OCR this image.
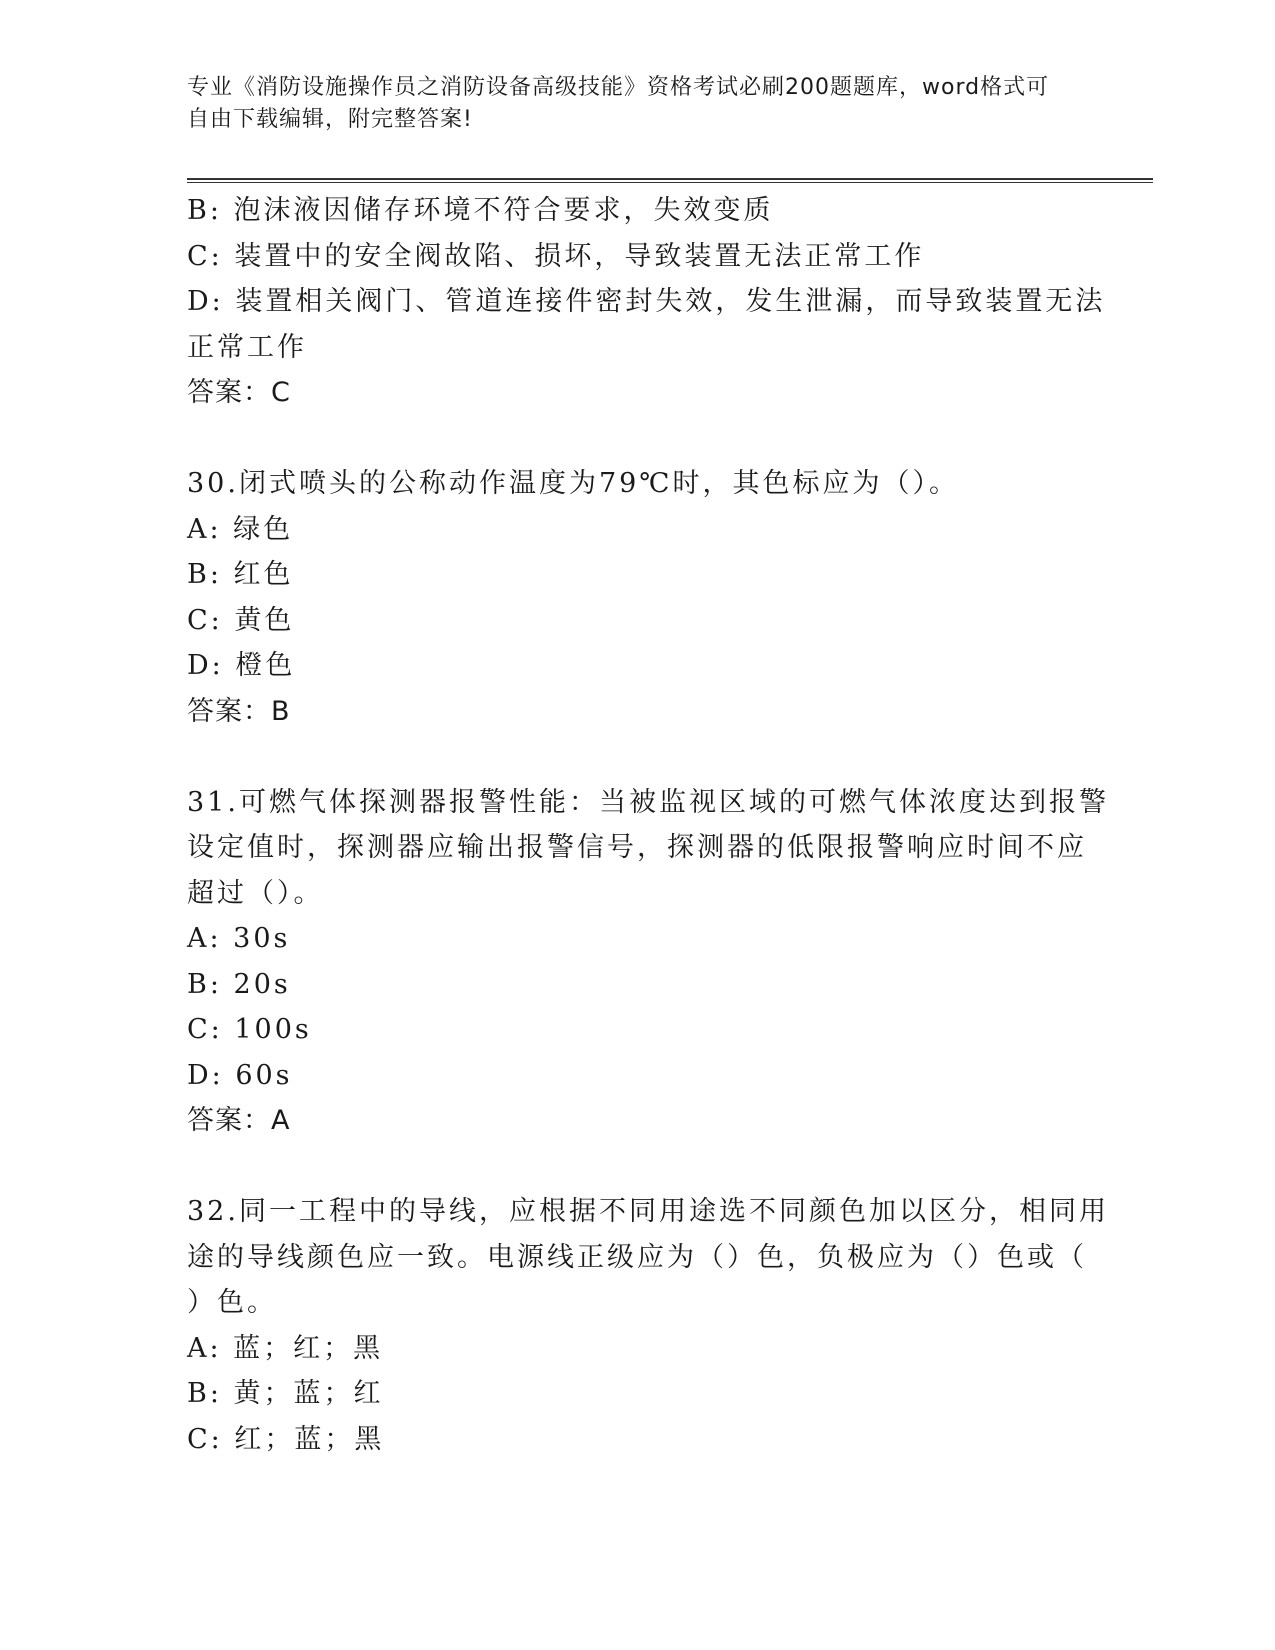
专业《消防设施操作员之消防设备高级技能》资格考试必刷200题题库，word格式可自由下载编辑，附完整答案!
B: 泡沫液因储存环境不符合要求，失效变质
C: 装置中的安全阀故陷、损坏，导致装置无法正常工作
D: 装置相关阀门、管道连接件密封失效，发生泄漏，而导致装置无法
正常工作
答案：C
30.闭式喷头的公称动作温度为79℃时，其色标应为（）。
A: 绿色
B: 红色
C: 黄色
D: 橙色
答案：B
31.可燃气体探测器报警性能：当被监视区域的可燃气体浓度达到报警
设定值时，探测器应输出报警信号，探测器的低限报警响应时间不应
超过（）。
A: 30s
B: 20s
C: 100s
D: 60s
答案：A
32.同一工程中的导线，应根据不同用途选不同颜色加以区分，相同用
途的导线颜色应一致。电源线正级应为（）色，负极应为（）色或（
）色。
A: 蓝；红；黑
B: 黄；蓝；红
C: 红；蓝；黑
